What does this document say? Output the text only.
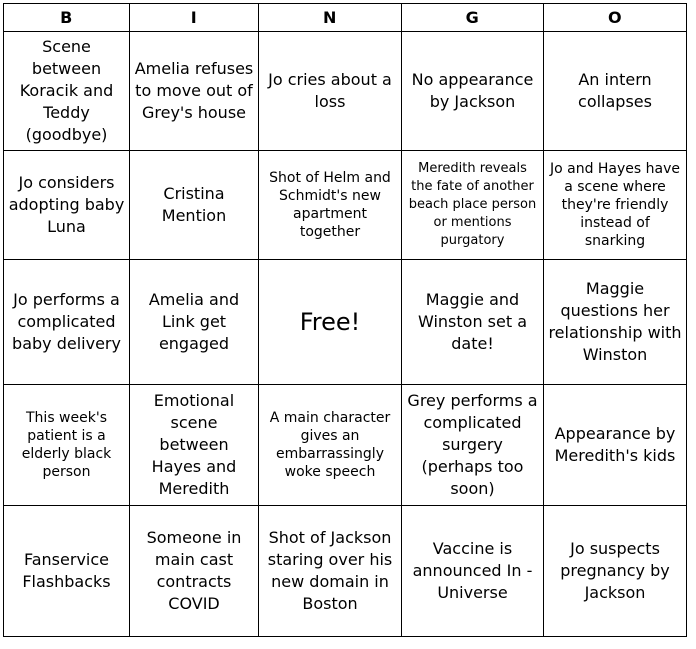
B	I	N	G	O
Scene between Koracik and Teddy (goodbye)	Amelia refuses to move out of Grey's house	Jo cries about a loss	No appearance by Jackson	An intern collapses
Jo considers adopting baby Luna	Cristina Mention	Shot of Helm and Schmidt's new apartment together	Meredith reveals the fate of another beach place person or mentions purgatory	Jo and Hayes have a scene where they're friendly instead of snarking
Jo performs a complicated baby delivery	Amelia and Link get engaged	Free!	Maggie and Winston set a date!	Maggie questions her relationship with Winston
This week's patient is a elderly black person	Emotional scene between Hayes and Meredith	A main character gives an embarrassingly woke speech	Grey performs a complicated surgery (perhaps too soon)	Appearance by Meredith's kids
Fanservice Flashbacks	Someone in main cast contracts COVID	Shot of Jackson staring over his new domain in Boston	Vaccine is announced In - Universe	Jo suspects pregnancy by Jackson
